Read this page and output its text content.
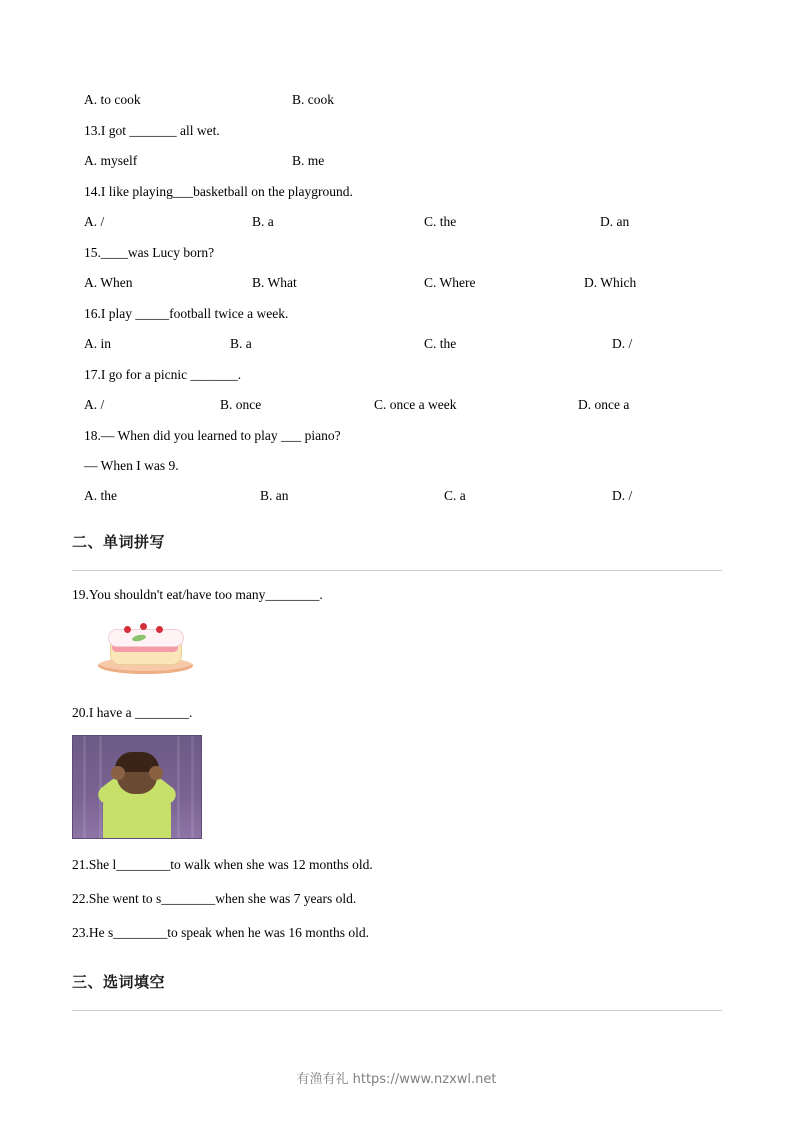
A. to cook	B. cook
13.I got _______ all wet.
A. myself	B. me
14.I like playing___basketball on the playground.
A. /	B. a	C. the	D. an
15.____was Lucy born?
A. When	B. What	C. Where	D. Which
16.I play _____football twice a week.
A. in	B. a	C. the	D. /
17.I go for a picnic _______.
A. /	B. once	C. once a week	D. once a
18.— When did you learned to play ___ piano?
— When I was 9.
A. the	B. an	C. a	D. /
二、单词拼写
19.You shouldn't eat/have too many________.
20.I have a ________.
21.She l________to walk when she was 12 months old.
22.She went to s________when she was 7 years old.
23.He s________to speak when he was 16 months old.
三、选词填空
有渔有礼 https://www.nzxwl.net
